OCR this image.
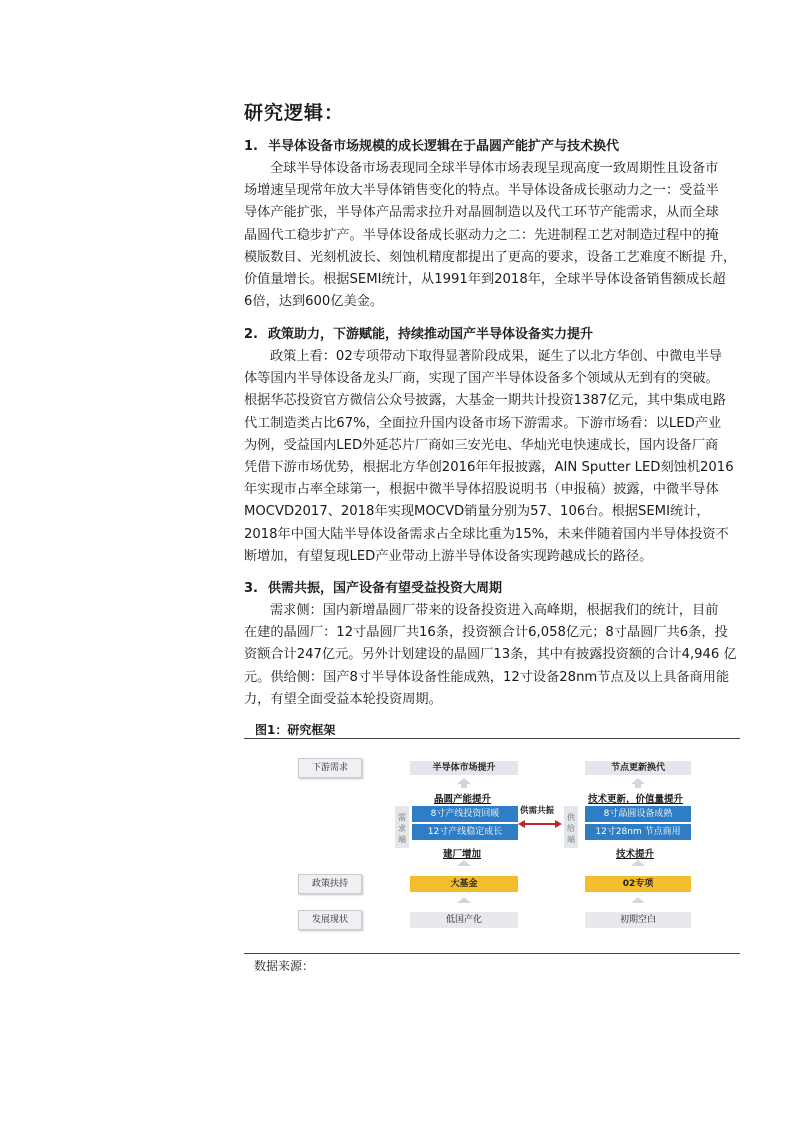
研究逻辑：
1. 半导体设备市场规模的成长逻辑在于晶圆产能扩产与技术换代
全球半导体设备市场表现同全球半导体市场表现呈现高度一致周期性且设备市
场增速呈现常年放大半导体销售变化的特点。半导体设备成长驱动力之一：受益半
导体产能扩张，半导体产品需求拉升对晶圆制造以及代工环节产能需求，从而全球
晶圆代工稳步扩产。半导体设备成长驱动力之二：先进制程工艺对制造过程中的掩
模版数目、光刻机波长、刻蚀机精度都提出了更高的要求，设备工艺难度不断提 升，
价值量增长。根据SEMI统计，从1991年到2018年，全球半导体设备销售额成长超
6倍，达到600亿美金。
2. 政策助力，下游赋能，持续推动国产半导体设备实力提升
政策上看：02专项带动下取得显著阶段成果，诞生了以北方华创、中微电半导
体等国内半导体设备龙头厂商，实现了国产半导体设备多个领域从无到有的突破。
根据华芯投资官方微信公众号披露，大基金一期共计投资1387亿元，其中集成电路
代工制造类占比67%，全面拉升国内设备市场下游需求。下游市场看：以LED产业
为例，受益国内LED外延芯片厂商如三安光电、华灿光电快速成长，国内设备厂商
凭借下游市场优势，根据北方华创2016年年报披露，AIN Sputter LED刻蚀机2016
年实现市占率全球第一，根据中微半导体招股说明书（申报稿）披露，中微半导体
MOCVD2017、2018年实现MOCVD销量分别为57、106台。根据SEMI统计，
2018年中国大陆半导体设备需求占全球比重为15%，未来伴随着国内半导体投资不
断增加，有望复现LED产业带动上游半导体设备实现跨越成长的路径。
3. 供需共振，国产设备有望受益投资大周期
需求侧：国内新增晶圆厂带来的设备投资进入高峰期，根据我们的统计，目前
在建的晶圆厂：12寸晶圆厂共16条，投资额合计6,058亿元；8寸晶圆厂共6条，投
资额合计247亿元。另外计划建设的晶圆厂13条，其中有披露投资额的合计4,946 亿
元。供给侧：国产8寸半导体设备性能成熟，12寸设备28nm节点及以上具备商用能
力，有望全面受益本轮投资周期。
图1：研究框架
下游需求
政策扶持
发展现状
半导体市场提升
晶圆产能提升
需求端
8寸产线投资回暖
12寸产线稳定成长
建厂增加
大基金
低国产化
供需共振
节点更新换代
技术更新，价值量提升
供给端
8寸晶圆设备成熟
12寸28nm 节点商用
技术提升
02专项
初期空白
数据来源：
